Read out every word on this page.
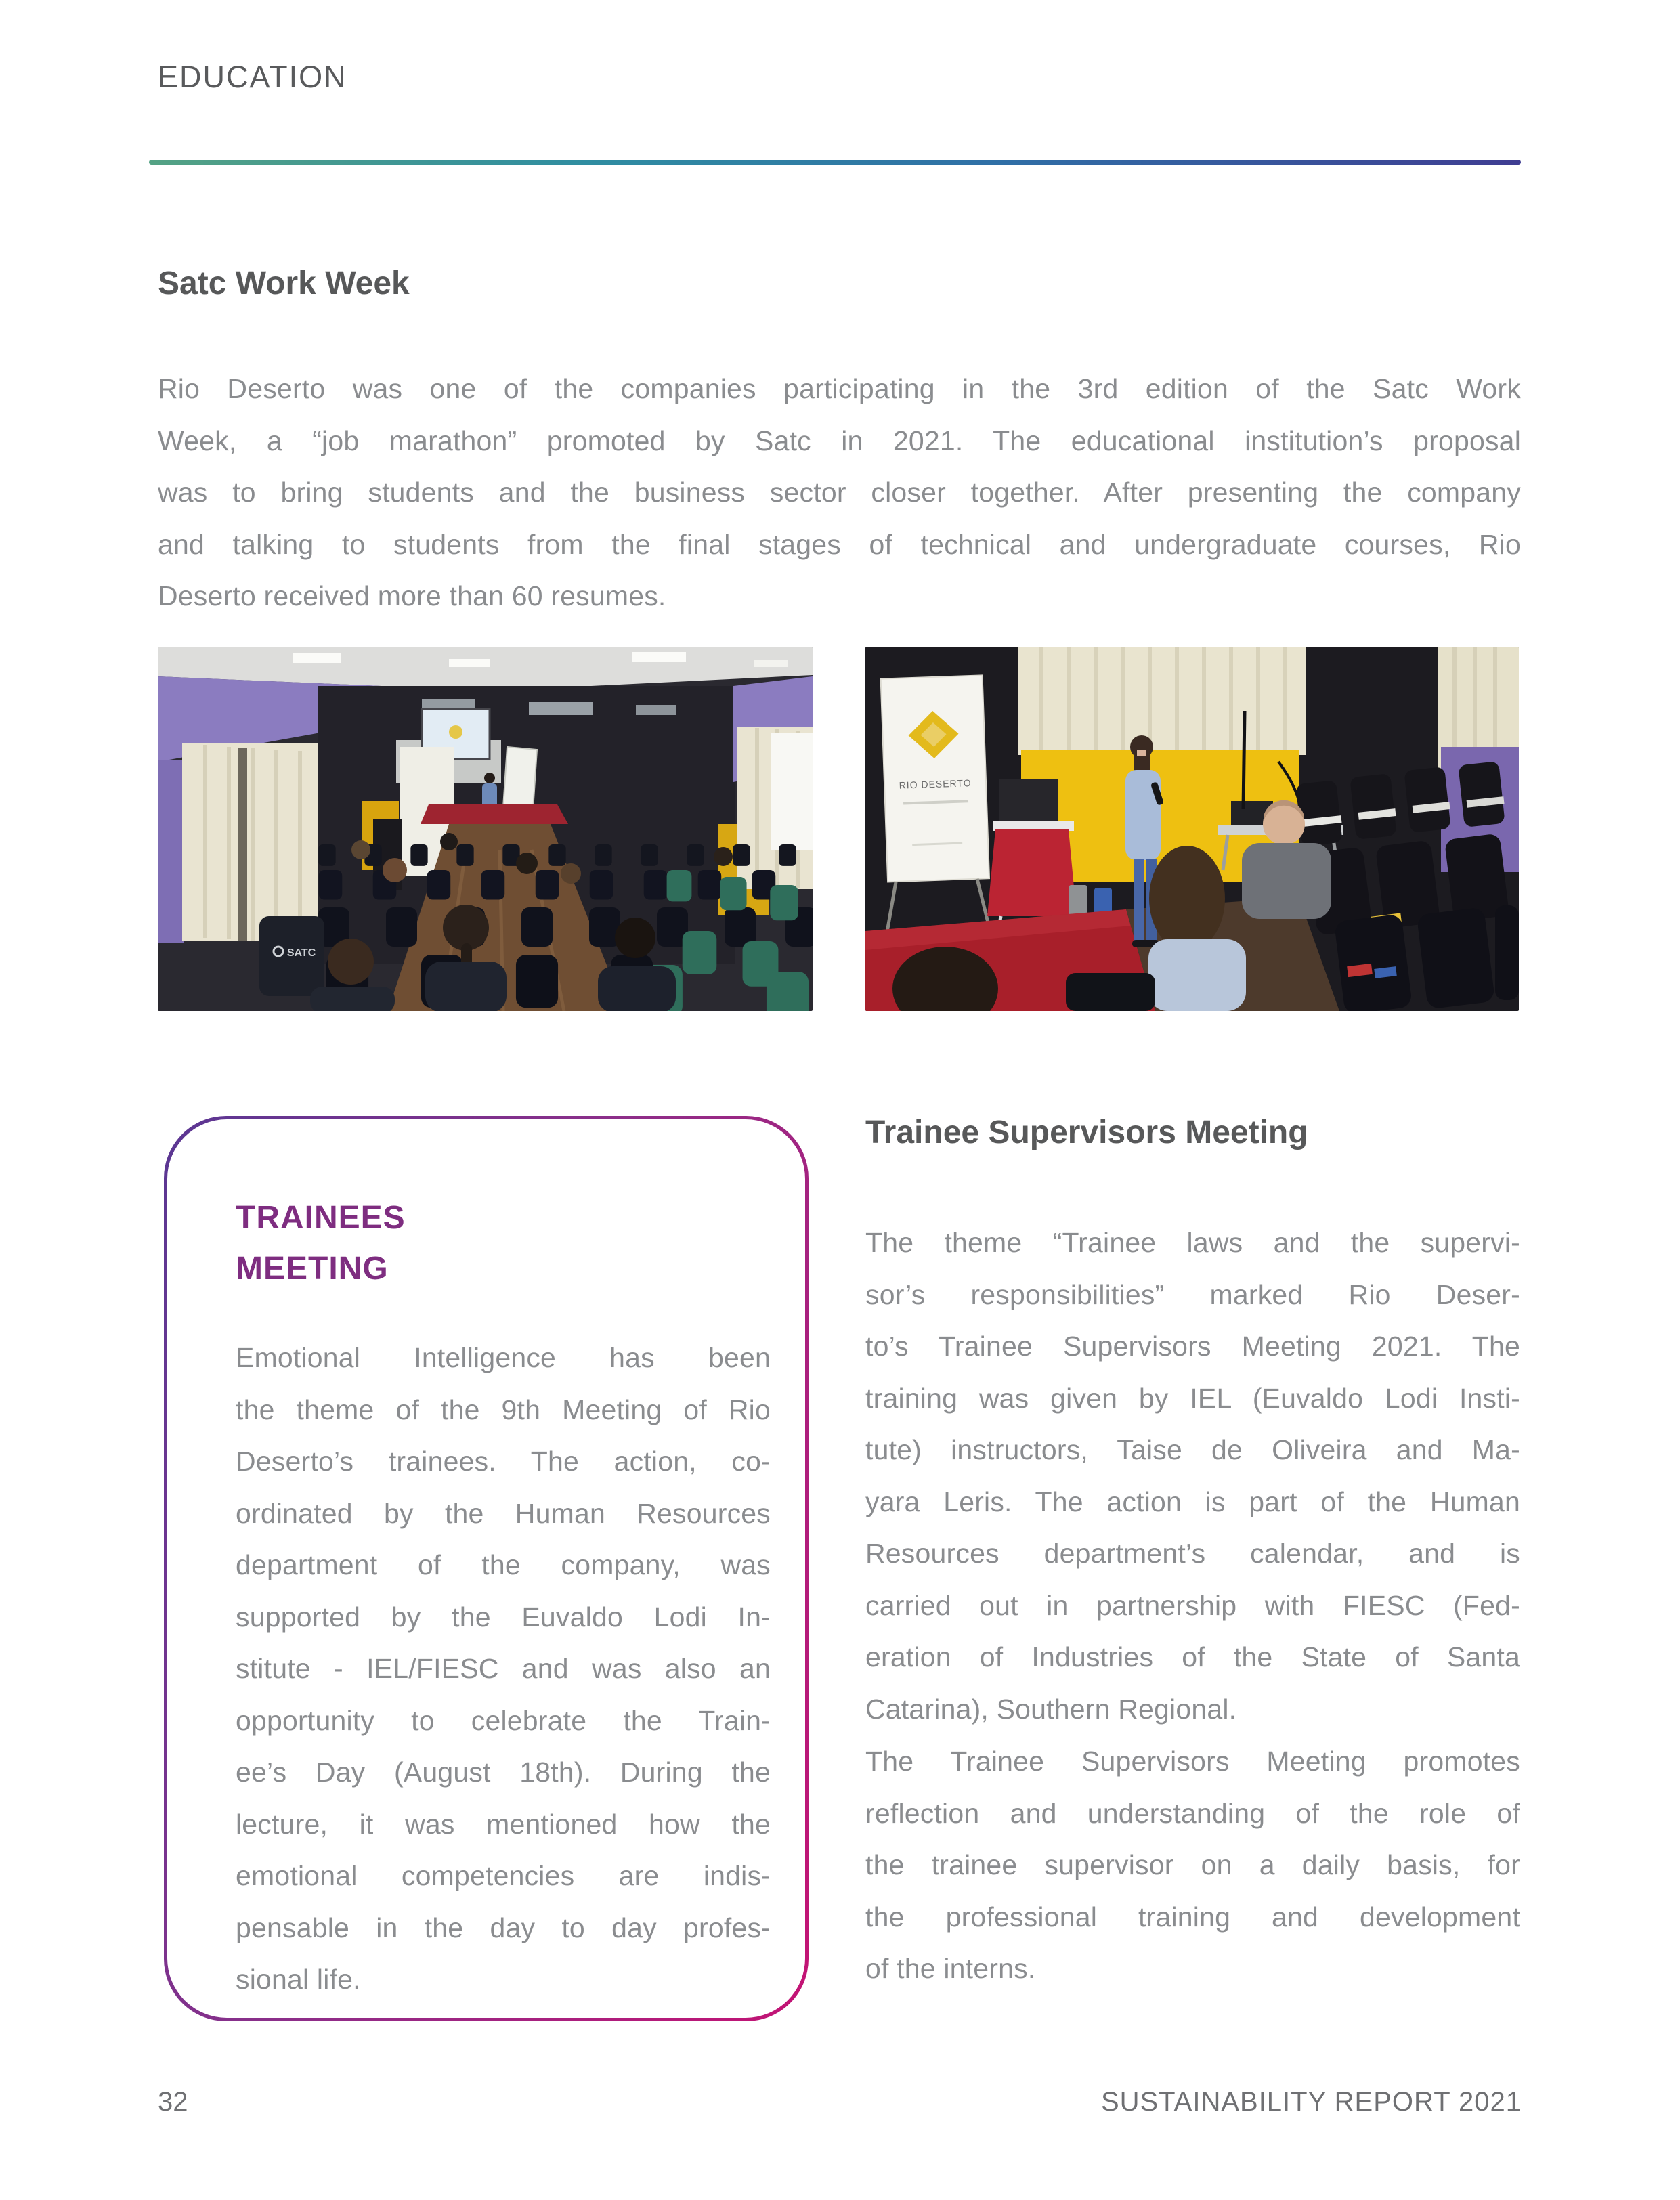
EDUCATION
Satc Work Week
Rio Deserto was one of the companies participating in the 3rd edition of the Satc Work
Week, a “job marathon” promoted by Satc in 2021. The educational institution’s proposal
was to bring students and the business sector closer together. After presenting the company
and talking to students from the final stages of technical and undergraduate courses, Rio
Deserto received more than 60 resumes.
SATC
RIO DESERTO
TRAINEES
MEETING
Emotional Intelligence has been
the theme of the 9th Meeting of Rio
Deserto’s trainees. The action, co-
ordinated by the Human Resources
department of the company, was
supported by the Euvaldo Lodi In-
stitute - IEL/FIESC and was also an
opportunity to celebrate the Train-
ee’s Day (August 18th). During the
lecture, it was mentioned how the
emotional competencies are indis-
pensable in the day to day profes-
sional life.
Trainee Supervisors Meeting
The theme “Trainee laws and the supervi-
sor’s responsibilities” marked Rio Deser-
to’s Trainee Supervisors Meeting 2021. The
training was given by IEL (Euvaldo Lodi Insti-
tute) instructors, Taise de Oliveira and Ma-
yara Leris. The action is part of the Human
Resources department’s calendar, and is
carried out in partnership with FIESC (Fed-
eration of Industries of the State of Santa
Catarina), Southern Regional.
The Trainee Supervisors Meeting promotes
reflection and understanding of the role of
the trainee supervisor on a daily basis, for
the professional training and development
of the interns.
32	SUSTAINABILITY REPORT 2021
